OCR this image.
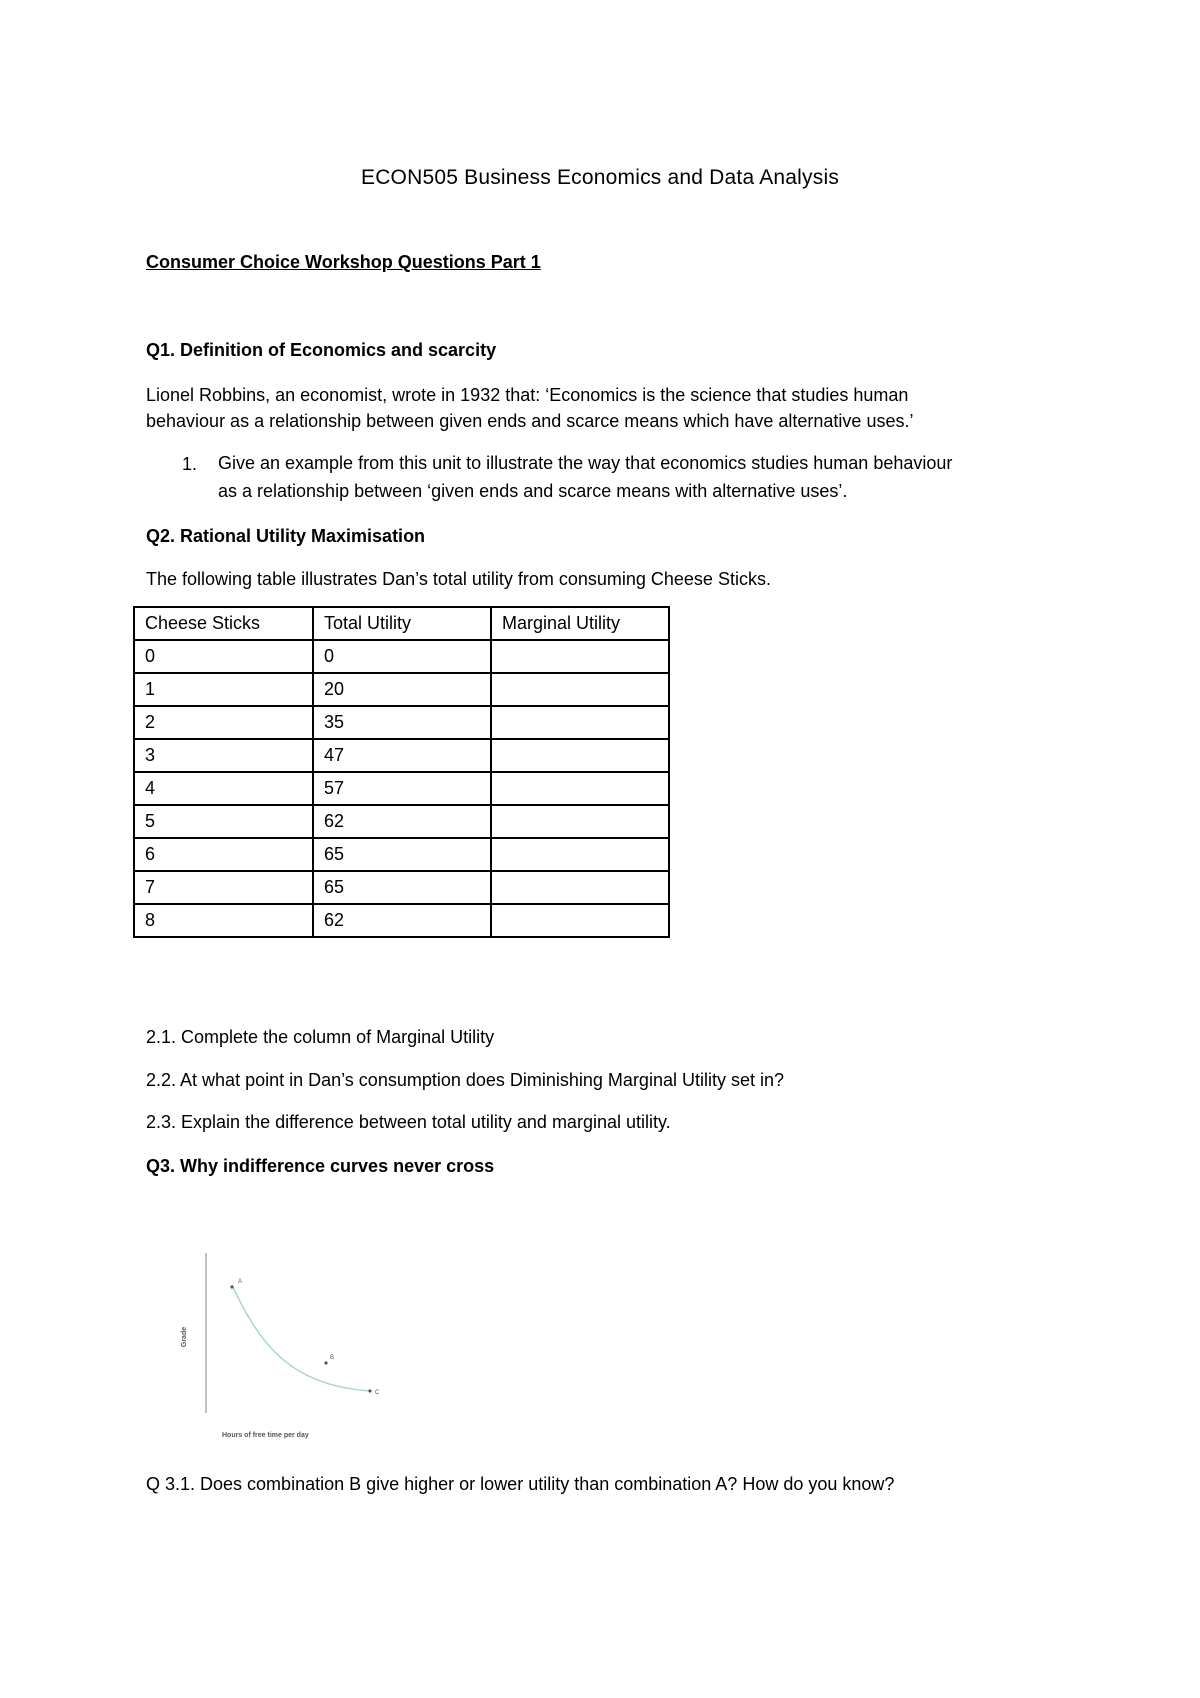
ECON505 Business Economics and Data Analysis
Consumer Choice Workshop Questions Part 1
Q1. Definition of Economics and scarcity
Lionel Robbins, an economist, wrote in 1932 that: ‘Economics is the science that studies human
behaviour as a relationship between given ends and scarce means which have alternative uses.’
1. Give an example from this unit to illustrate the way that economics studies human behaviour
as a relationship between ‘given ends and scarce means with alternative uses’.
Q2. Rational Utility Maximisation
The following table illustrates Dan’s total utility from consuming Cheese Sticks.
Cheese Sticks	Total Utility	Marginal Utility
0	0	
1	20	
2	35	
3	47	
4	57	
5	62	
6	65	
7	65	
8	62	
2.1. Complete the column of Marginal Utility
2.2. At what point in Dan’s consumption does Diminishing Marginal Utility set in?
2.3. Explain the difference between total utility and marginal utility.
Q3. Why indifference curves never cross
A
B
C
Grade
Hours of free time per day
Q 3.1. Does combination B give higher or lower utility than combination A? How do you know?
